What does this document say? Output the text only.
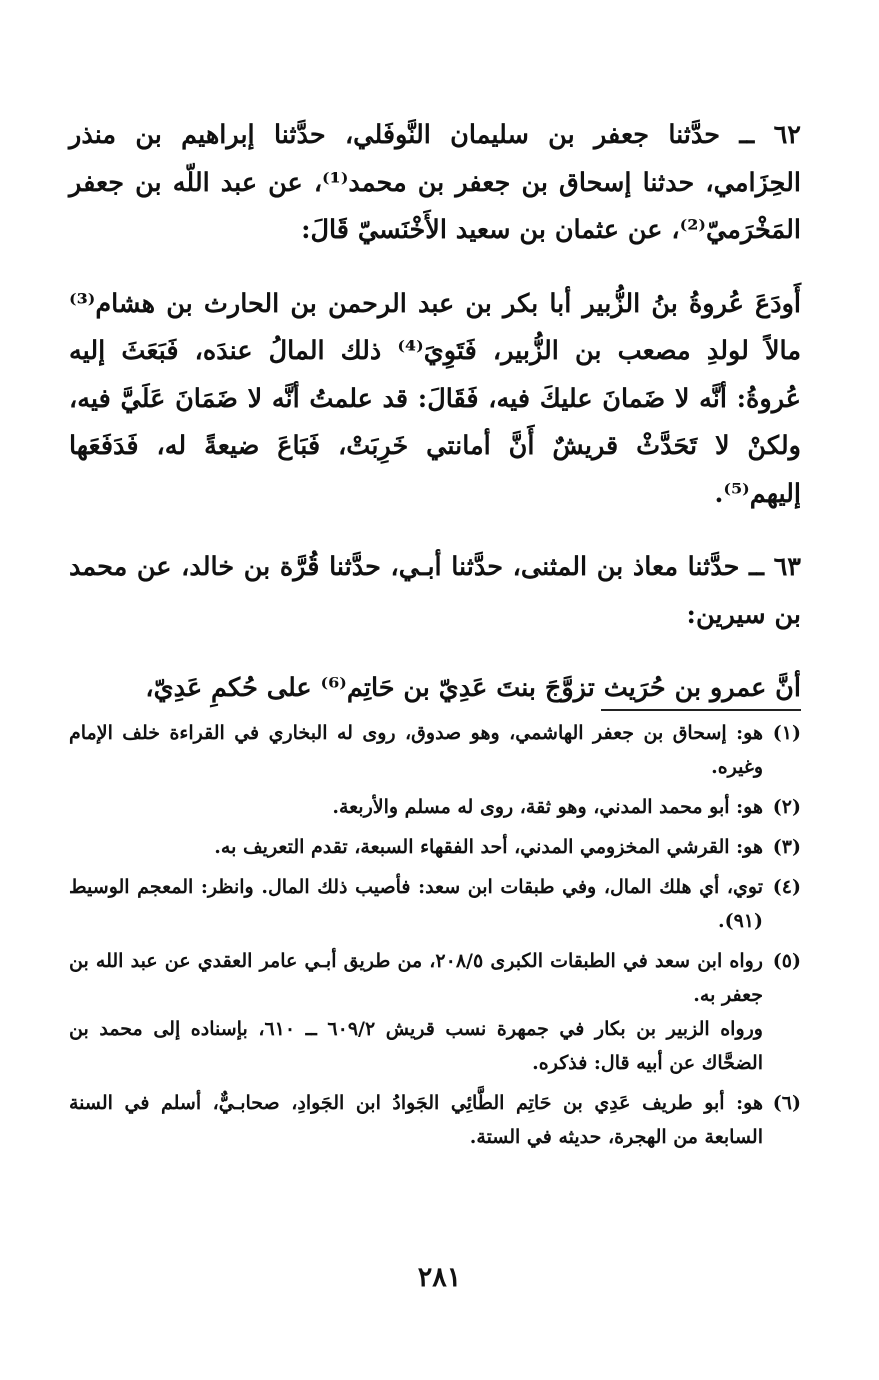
٦٢ ــ حدَّثنا جعفر بن سليمان النَّوفَلي، حدَّثنا إبراهيم بن منذر الحِزَامي، حدثنا إسحاق بن جعفر بن محمد⁽¹⁾، عن عبد اللّه بن جعفر المَخْرَميّ⁽²⁾، عن عثمان بن سعيد الأَخْنَسيّ قَالَ:

أَودَعَ عُروةُ بنُ الزُّبير أبا بكر بن عبد الرحمن بن الحارث بن هشام⁽³⁾ مالاً لولدِ مصعب بن الزُّبير، فَتَوِيَ⁽⁴⁾ ذلك المالُ عندَه، فَبَعَثَ إليه عُروةُ: أنَّه لا ضَمانَ عليكَ فيه، فَقَالَ: قد علمتُ أنَّه لا ضَمَانَ عَلَيَّ فيه، ولكنْ لا تَحَدَّثْ قريشٌ أَنَّ أمانتي خَرِبَتْ، فَبَاعَ ضيعةً له، فَدَفَعَها إليهم⁽⁵⁾.

٦٣ ــ حدَّثنا معاذ بن المثنى، حدَّثنا أبـي، حدَّثنا قُرَّة بن خالد، عن محمد بن سيرين:

أنَّ عمرو بن حُرَيث تزوَّجَ بنتَ عَدِيّ بن حَاتِم⁽⁶⁾ على حُكمِ عَدِيّ،

(١)
هو: إسحاق بن جعفر الهاشمي، وهو صدوق، روى له البخاري في القراءة خلف الإمام وغيره.
(٢)
هو: أبو محمد المدني، وهو ثقة، روى له مسلم والأربعة.
(٣)
هو: القرشي المخزومي المدني، أحد الفقهاء السبعة، تقدم التعريف به.
(٤)
توي، أي هلك المال، وفي طبقات ابن سعد: فأصيب ذلك المال. وانظر: المعجم الوسيط (٩١).
(٥)
رواه ابن سعد في الطبقات الكبرى ٢٠٨/٥، من طريق أبـي عامر العقدي عن عبد الله بن جعفر به.
ورواه الزبير بن بكار في جمهرة نسب قريش ٦٠٩/٢ ــ ٦١٠، بإسناده إلى محمد بن الضحَّاك عن أبيه قال: فذكره.
(٦)
هو: أبو طريف عَدِي بن حَاتِم الطَّائِي الجَوادُ ابن الجَوادِ، صحابـيٌّ، أسلم في السنة السابعة من الهجرة، حديثه في الستة.
٢٨١
